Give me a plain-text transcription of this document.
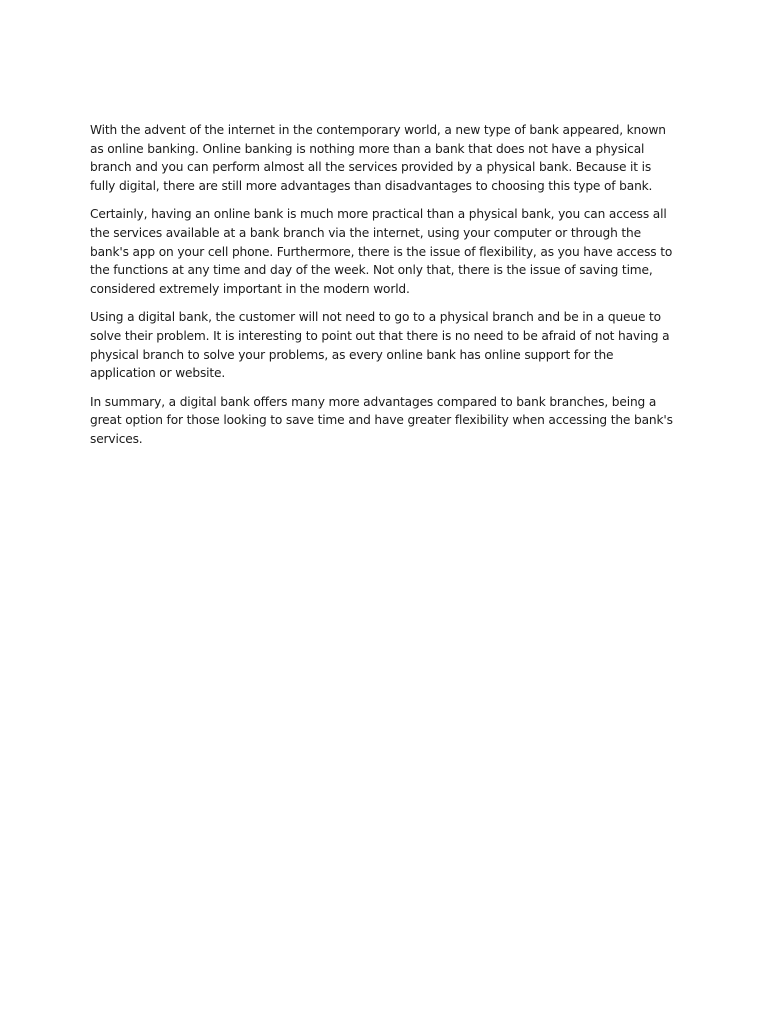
With the advent of the internet in the contemporary world, a new type of bank appeared, known as online banking. Online banking is nothing more than a bank that does not have a physical branch and you can perform almost all the services provided by a physical bank. Because it is fully digital, there are still more advantages than disadvantages to choosing this type of bank.

Certainly, having an online bank is much more practical than a physical bank, you can access all the services available at a bank branch via the internet, using your computer or through the bank's app on your cell phone. Furthermore, there is the issue of flexibility, as you have access to the functions at any time and day of the week. Not only that, there is the issue of saving time, considered extremely important in the modern world.

Using a digital bank, the customer will not need to go to a physical branch and be in a queue to solve their problem. It is interesting to point out that there is no need to be afraid of not having a physical branch to solve your problems, as every online bank has online support for the application or website.

In summary, a digital bank offers many more advantages compared to bank branches, being a great option for those looking to save time and have greater flexibility when accessing the bank's services.
